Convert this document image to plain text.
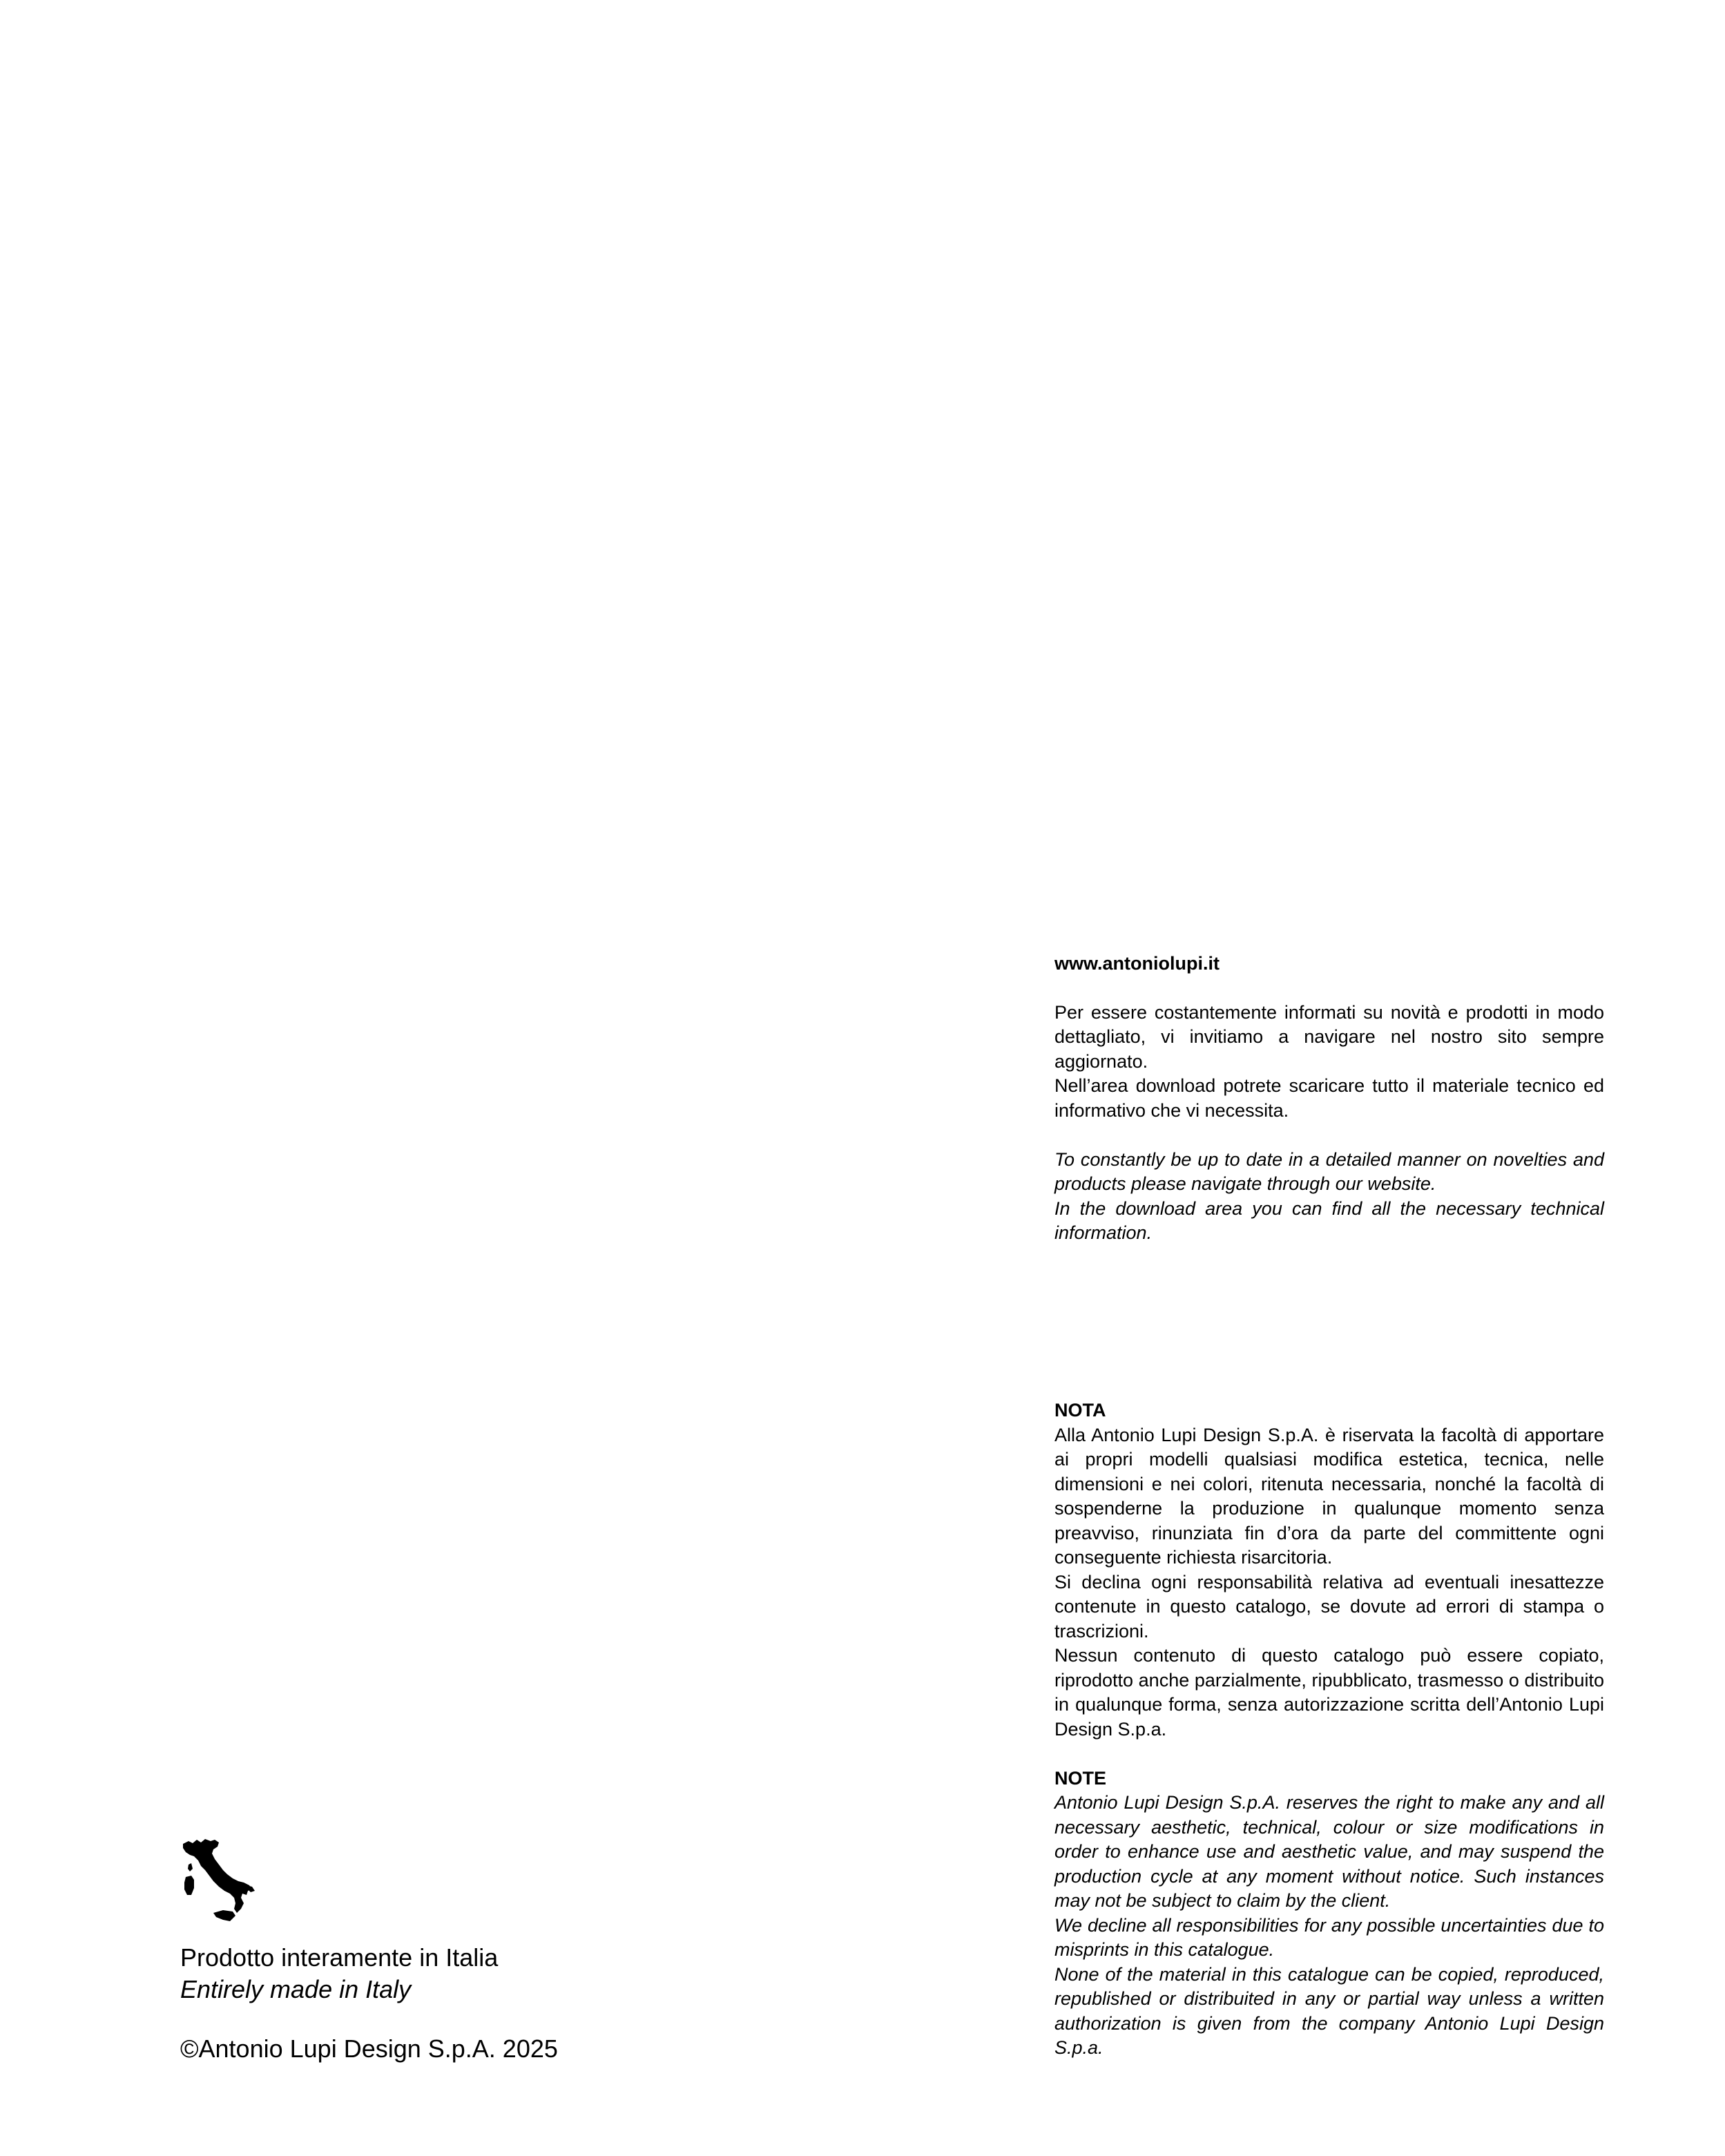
www.antoniolupi.it

Per essere costantemente informati su novità e prodotti in modo dettagliato, vi invitiamo a navigare nel nostro sito sempre aggiornato.

Nell’area download potrete scaricare tutto il materiale tecnico ed informativo che vi necessita.

To constantly be up to date in a detailed manner on novelties and products please navigate through our website.

In the download area you can find all the necessary technical information.

NOTA

Alla Antonio Lupi Design S.p.A. è riservata la facoltà di apportare ai propri modelli qualsiasi modifica estetica, tecnica, nelle dimensioni e nei colori, ritenuta necessaria, nonché la facoltà di sospenderne la produzione in qualunque momento senza preavviso, rinunziata fin d’ora da parte del committente ogni conseguente richiesta risarcitoria.

Si declina ogni responsabilità relativa ad eventuali inesattezze contenute in questo catalogo, se dovute ad errori di stampa o trascrizioni.

Nessun contenuto di questo catalogo può essere copiato, riprodotto anche parzialmente, ripubblicato, trasmesso o distribuito in qualunque forma, senza autorizzazione scritta dell’Antonio Lupi Design S.p.a.

NOTE

Antonio Lupi Design S.p.A. reserves the right to make any and all necessary aesthetic, technical, colour or size modifications in order to enhance use and aesthetic value, and may suspend the production cycle at any moment without notice. Such instances may not be subject to claim by the client.

We decline all responsibilities for any possible uncertainties due to misprints in this catalogue.

None of the material in this catalogue can be copied, reproduced, republished or distribuited in any or partial way unless a written authorization is given from the company Antonio Lupi Design S.p.a.

Prodotto interamente in Italia

Entirely made in Italy

©Antonio Lupi Design S.p.A. 2025
